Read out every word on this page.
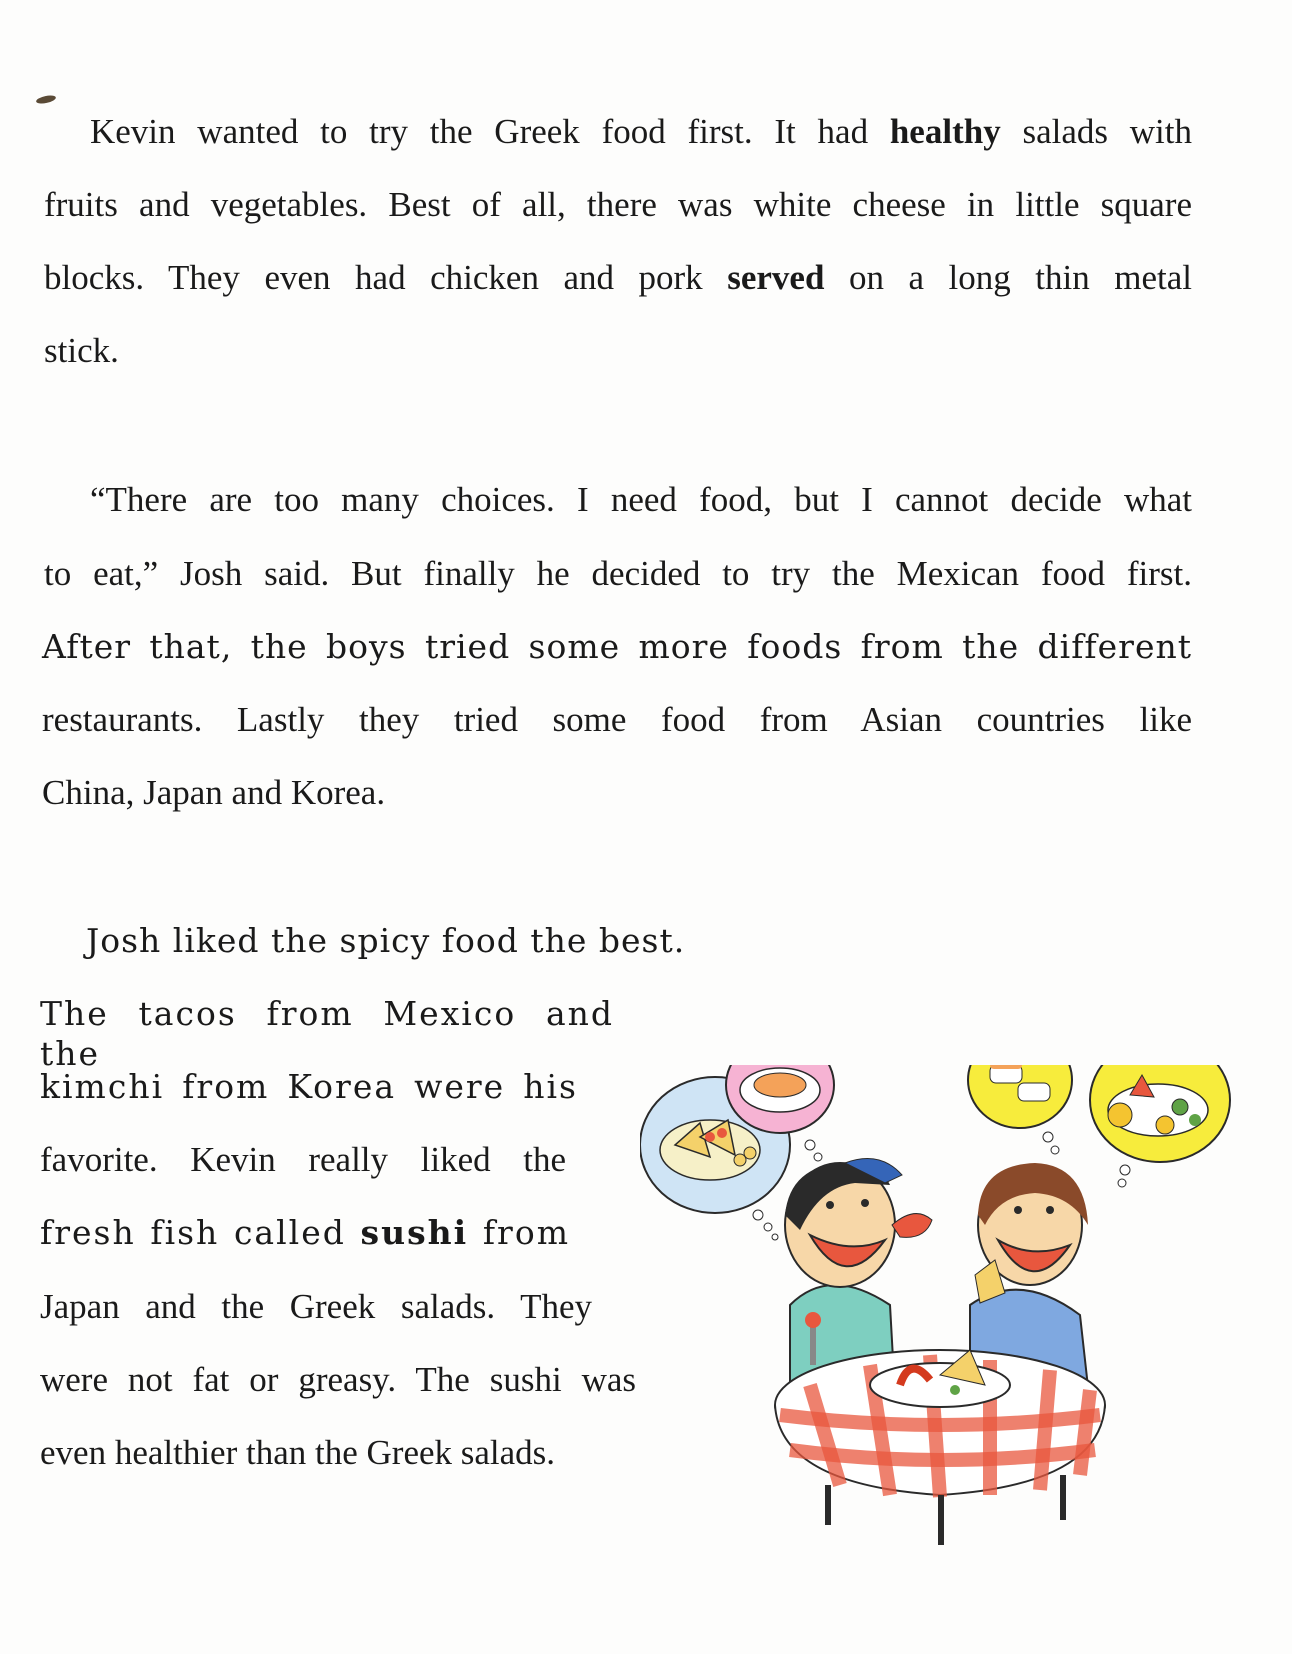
Kevin wanted to try the Greek food first. It had healthy salads with
fruits and vegetables. Best of all, there was white cheese in little square
blocks. They even had chicken and pork served on a long thin metal
stick.
“There are too many choices. I need food, but I cannot decide what
to eat,” Josh said. But finally he decided to try the Mexican food first.
After that, the boys tried some more foods from the different
restaurants. Lastly they tried some food from Asian countries like
China, Japan and Korea.
Josh liked the spicy food the best.
The tacos from Mexico and the
kimchi from Korea were his
favorite. Kevin really liked the
fresh fish called sushi from
Japan and the Greek salads. They
were not fat or greasy. The sushi was
even healthier than the Greek salads.
